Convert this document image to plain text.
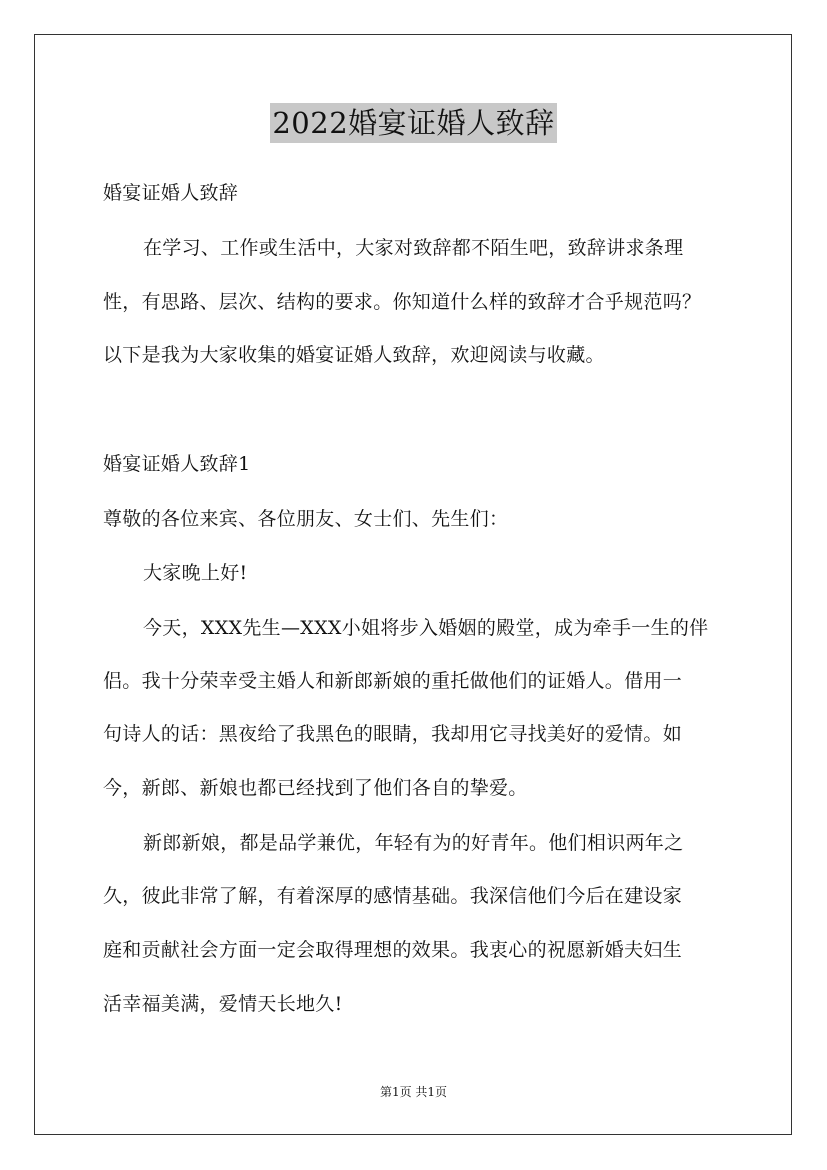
2022婚宴证婚人致辞
婚宴证婚人致辞
在学习、工作或生活中，大家对致辞都不陌生吧，致辞讲求条理
性，有思路、层次、结构的要求。你知道什么样的致辞才合乎规范吗？
以下是我为大家收集的婚宴证婚人致辞，欢迎阅读与收藏。
婚宴证婚人致辞1
尊敬的各位来宾、各位朋友、女士们、先生们：
大家晚上好!
今天，XXX先生—XXX小姐将步入婚姻的殿堂，成为牵手一生的伴
侣。我十分荣幸受主婚人和新郎新娘的重托做他们的证婚人。借用一
句诗人的话：黑夜给了我黑色的眼睛，我却用它寻找美好的爱情。如
今，新郎、新娘也都已经找到了他们各自的挚爱。
新郎新娘，都是品学兼优，年轻有为的好青年。他们相识两年之
久，彼此非常了解，有着深厚的感情基础。我深信他们今后在建设家
庭和贡献社会方面一定会取得理想的效果。我衷心的祝愿新婚夫妇生
活幸福美满，爱情天长地久!
第1页 共1页
